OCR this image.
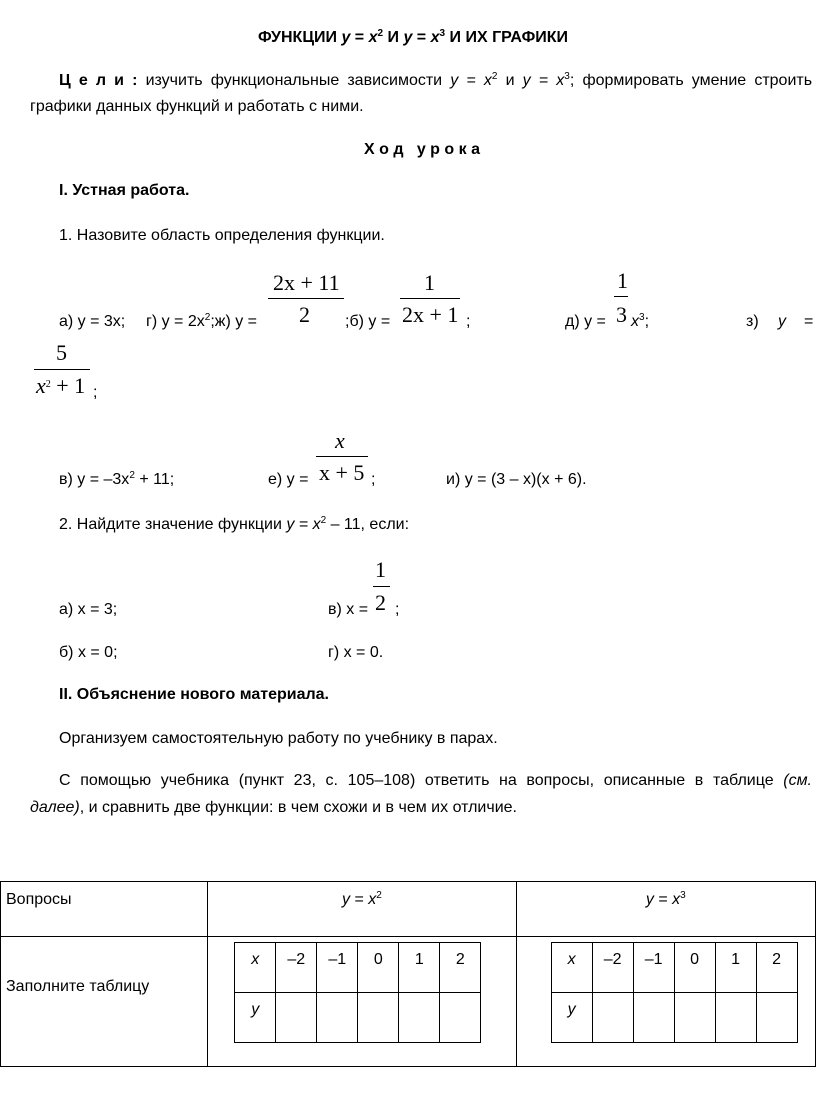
ФУНКЦИИ $y = x^2$ И $y = x^3$ И ИХ ГРАФИКИ
Ц е л и : изучить функциональные зависимости $y = x^2$ и $y = x^3$; формировать умение строить
графики данных функций и работать с ними.
Х о д   у р о к а
I. Устная работа.
1. Назовите область определения функции.
а) y = 3x; г) $y = 2x^2;ж$) y =
2x + 11
2 ;б) y =
1
2x + 1 ;	д) y =
1
3 $x^3$;	з) y =
5
$x^2 + 1$ ;
в) $y = -3x^2 + 11$;	е) y =
x
x + 5 ;	и) y = (3 – x)(x + 6).
2. Найдите значение функции $y = x^2 - 11$, если:
а) x = 3;	в) x =
1
2 ;
б) x = 0;	г) x = 0.
II. Объяснение нового материала.
Организуем самостоятельную работу по учебнику в парах.
С помощью учебника (пункт 23, с. 105–108) ответить на вопросы, описанные в таблице (см.
далее), и сравнить две функции: в чем схожи и в чем их отличие.
Вопросы	$y = x^2$	$y = x^3$

Заполните таблицу

x	–2	–1	0	1	2
y					

x	–2	–1	0	1	2
y					
